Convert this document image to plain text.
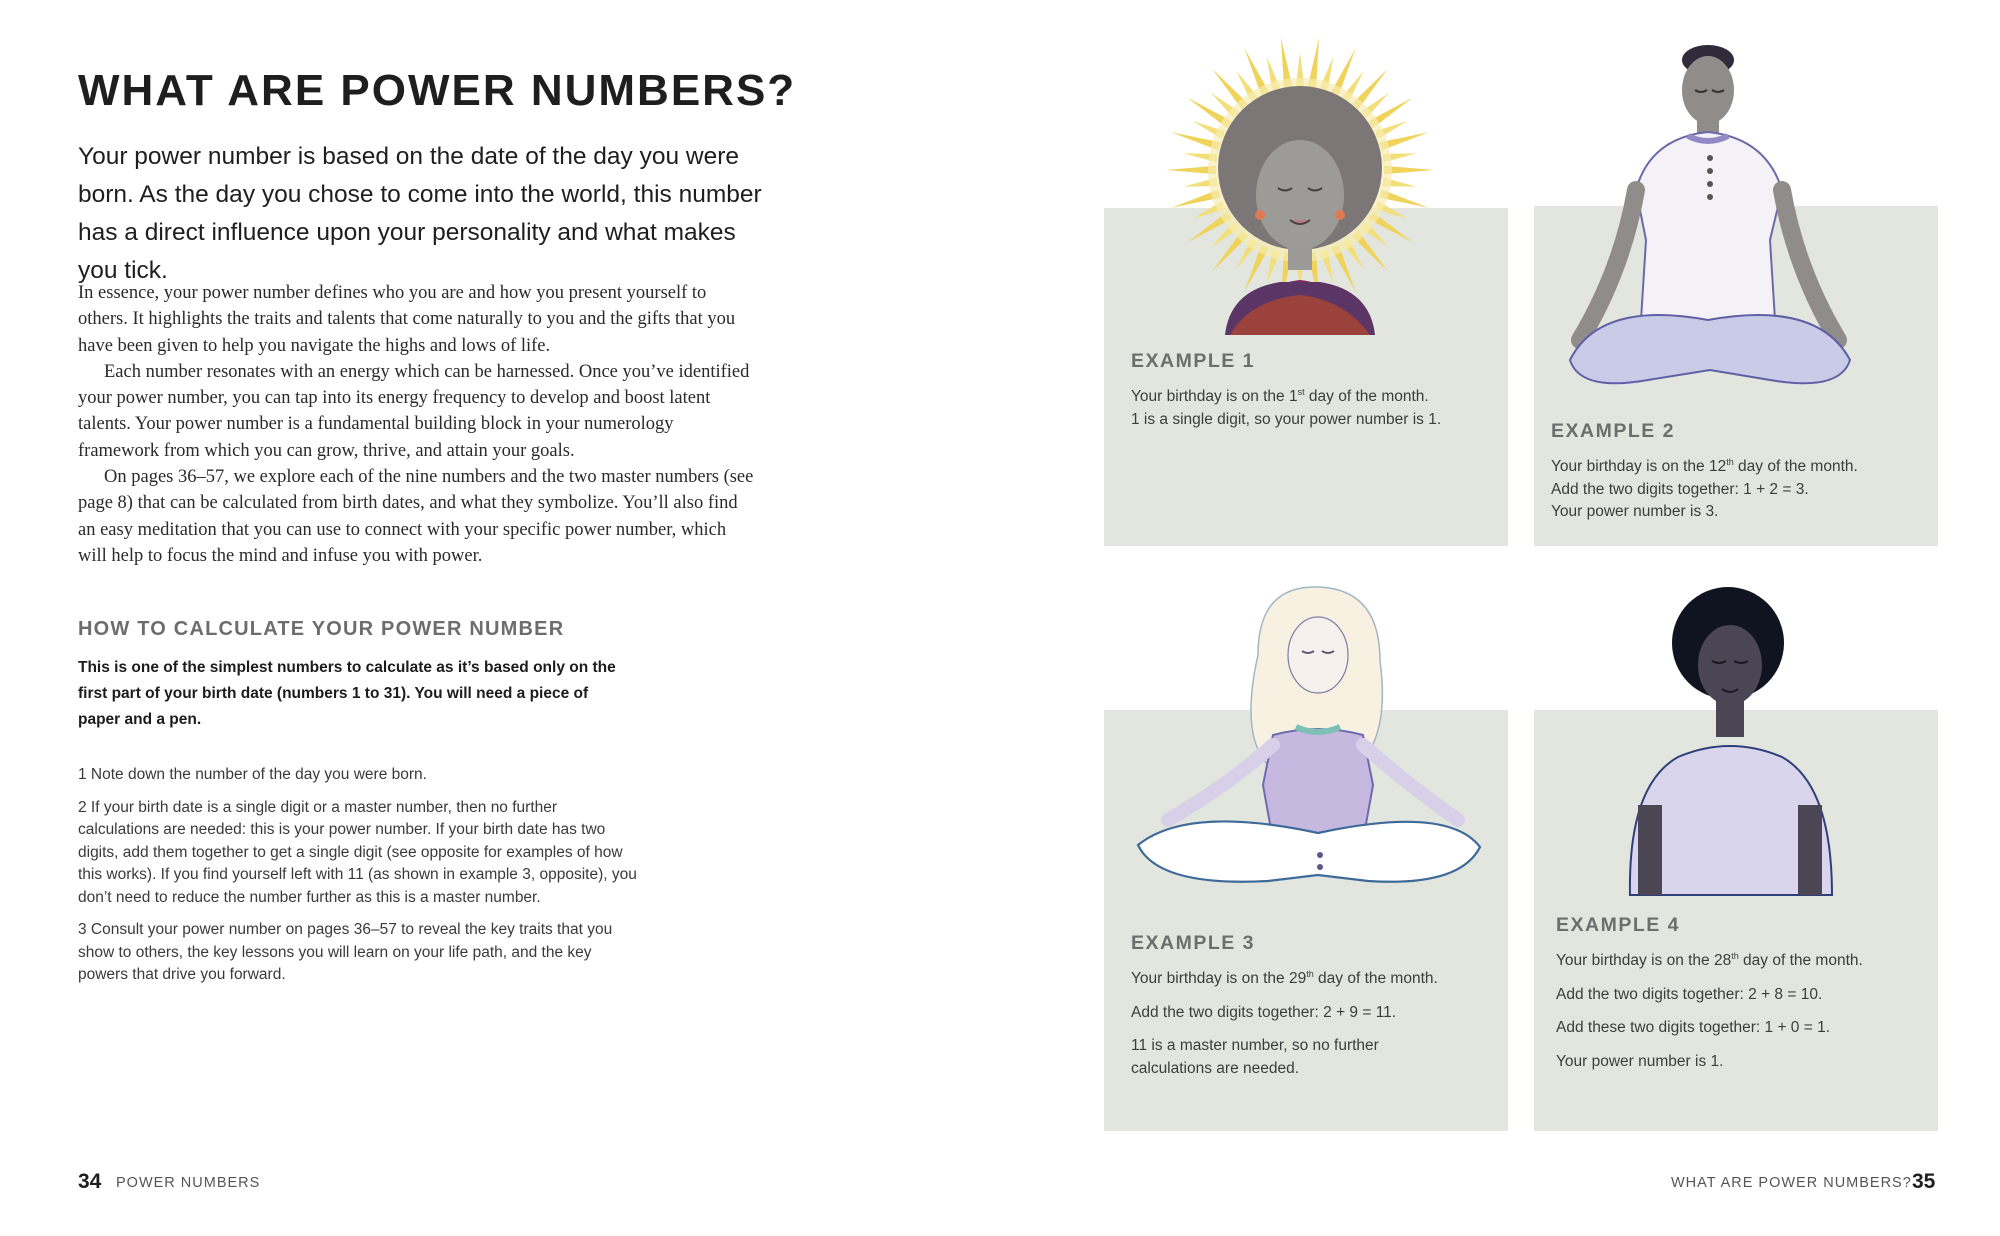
WHAT ARE POWER NUMBERS?

Your power number is based on the date of the day you were born. As the day you chose to come into the world, this number has a direct influence upon your personality and what makes you tick.

In essence, your power number defines who you are and how you present yourself to others. It highlights the traits and talents that come naturally to you and the gifts that you have been given to help you navigate the highs and lows of life.

Each number resonates with an energy which can be harnessed. Once you’ve identified your power number, you can tap into its energy frequency to develop and boost latent talents. Your power number is a fundamental building block in your numerology framework from which you can grow, thrive, and attain your goals.

On pages 36–57, we explore each of the nine numbers and the two master numbers (see page 8) that can be calculated from birth dates, and what they symbolize. You’ll also find an easy meditation that you can use to connect with your specific power number, which will help to focus the mind and infuse you with power.

HOW TO CALCULATE YOUR POWER NUMBER

This is one of the simplest numbers to calculate as it’s based only on the first part of your birth date (numbers 1 to 31). You will need a piece of paper and a pen.

1 Note down the number of the day you were born.
2 If your birth date is a single digit or a master number, then no further calculations are needed: this is your power number. If your birth date has two digits, add them together to get a single digit (see opposite for examples of how this works). If you find yourself left with 11 (as shown in example 3, opposite), you don’t need to reduce the number further as this is a master number.
3 Consult your power number on pages 36–57 to reveal the key traits that you show to others, the key lessons you will learn on your life path, and the key powers that drive you forward.
34 POWER NUMBERS
EXAMPLE 1

Your birthday is on the 1st day of the month.

1 is a single digit, so your power number is 1.

EXAMPLE 2

Your birthday is on the 12th day of the month.

Add the two digits together: 1 + 2 = 3.

Your power number is 3.

EXAMPLE 3

Your birthday is on the 29th day of the month.

Add the two digits together: 2 + 9 = 11.

11 is a master number, so no further calculations are needed.

EXAMPLE 4

Your birthday is on the 28th day of the month.

Add the two digits together: 2 + 8 = 10.

Add these two digits together: 1 + 0 = 1.

Your power number is 1.

WHAT ARE POWER NUMBERS? 35
